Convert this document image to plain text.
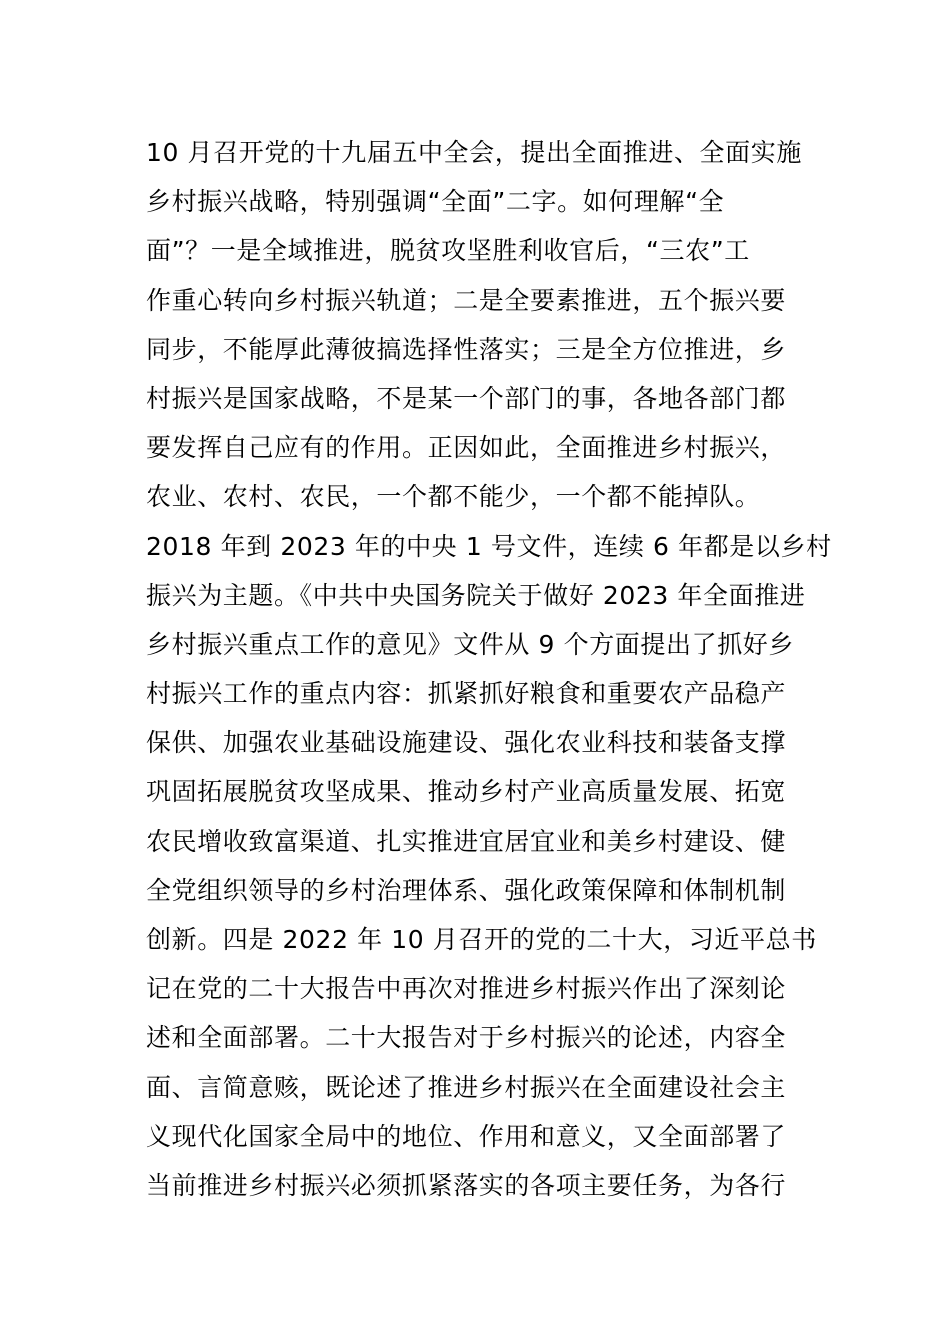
10 月召开党的十九届五中全会，提出全面推进、全面实施
乡村振兴战略，特别强调“全面”二字。如何理解“全
面”？一是全域推进，脱贫攻坚胜利收官后，“三农”工
作重心转向乡村振兴轨道；二是全要素推进，五个振兴要
同步，不能厚此薄彼搞选择性落实；三是全方位推进，乡
村振兴是国家战略，不是某一个部门的事，各地各部门都
要发挥自己应有的作用。正因如此，全面推进乡村振兴，
农业、农村、农民，一个都不能少，一个都不能掉队。
2018 年到 2023 年的中央 1 号文件，连续 6 年都是以乡村
振兴为主题。《中共中央国务院关于做好 2023 年全面推进
乡村振兴重点工作的意见》文件从 9 个方面提出了抓好乡
村振兴工作的重点内容：抓紧抓好粮食和重要农产品稳产
保供、加强农业基础设施建设、强化农业科技和装备支撑
巩固拓展脱贫攻坚成果、推动乡村产业高质量发展、拓宽
农民增收致富渠道、扎实推进宜居宜业和美乡村建设、健
全党组织领导的乡村治理体系、强化政策保障和体制机制
创新。四是 2022 年 10 月召开的党的二十大，习近平总书
记在党的二十大报告中再次对推进乡村振兴作出了深刻论
述和全面部署。二十大报告对于乡村振兴的论述，内容全
面、言简意赅，既论述了推进乡村振兴在全面建设社会主
义现代化国家全局中的地位、作用和意义，又全面部署了
当前推进乡村振兴必须抓紧落实的各项主要任务，为各行
